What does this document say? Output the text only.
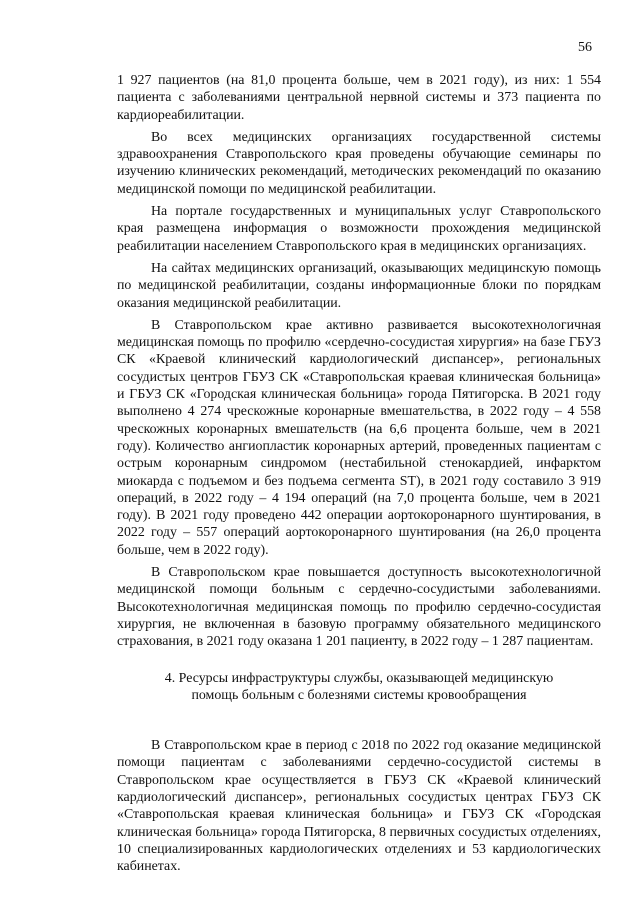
56

1 927 пациентов (на 81,0 процента больше, чем в 2021 году), из них: 1 554 пациента с заболеваниями центральной нервной системы и 373 пациента по кардиореабилитации.

Во всех медицинских организациях государственной системы здравоохранения Ставропольского края проведены обучающие семинары по изучению клинических рекомендаций, методических рекомендаций по оказанию медицинской помощи по медицинской реабилитации.

На портале государственных и муниципальных услуг Ставропольского края размещена информация о возможности прохождения медицинской реабилитации населением Ставропольского края в медицинских организациях.

На сайтах медицинских организаций, оказывающих медицинскую помощь по медицинской реабилитации, созданы информационные блоки по порядкам оказания медицинской реабилитации.

В Ставропольском крае активно развивается высокотехнологичная медицинская помощь по профилю «сердечно-сосудистая хирургия» на базе ГБУЗ СК «Краевой клинический кардиологический диспансер», региональных сосудистых центров ГБУЗ СК «Ставропольская краевая клиническая больница» и ГБУЗ СК «Городская клиническая больница» города Пятигорска. В 2021 году выполнено 4 274 чрескожные коронарные вмешательства, в 2022 году – 4 558 чрескожных коронарных вмешательств (на 6,6 процента больше, чем в 2021 году). Количество ангиопластик коронарных артерий, проведенных пациентам с острым коронарным синдромом (нестабильной стенокардией, инфарктом миокарда с подъемом и без подъема сегмента ST), в 2021 году составило 3 919 операций, в 2022 году – 4 194 операций (на 7,0 процента больше, чем в 2021 году). В 2021 году проведено 442 операции аортокоронарного шунтирования, в 2022 году – 557 операций аортокоронарного шунтирования (на 26,0 процента больше, чем в 2022 году).

В Ставропольском крае повышается доступность высокотехнологичной медицинской помощи больным с сердечно-сосудистыми заболеваниями. Высокотехнологичная медицинская помощь по профилю сердечно-сосудистая хирургия, не включенная в базовую программу обязательного медицинского страхования, в 2021 году оказана 1 201 пациенту, в 2022 году – 1 287 пациентам.

4. Ресурсы инфраструктуры службы, оказывающей медицинскую
помощь больным с болезнями системы кровообращения

В Ставропольском крае в период с 2018 по 2022 год оказание медицинской помощи пациентам с заболеваниями сердечно-сосудистой системы в Ставропольском крае осуществляется в ГБУЗ СК «Краевой клинический кардиологический диспансер», региональных сосудистых центрах ГБУЗ СК «Ставропольская краевая клиническая больница» и ГБУЗ СК «Городская клиническая больница» города Пятигорска, 8 первичных сосудистых отделениях, 10 специализированных кардиологических отделениях и 53 кардиологических кабинетах.
